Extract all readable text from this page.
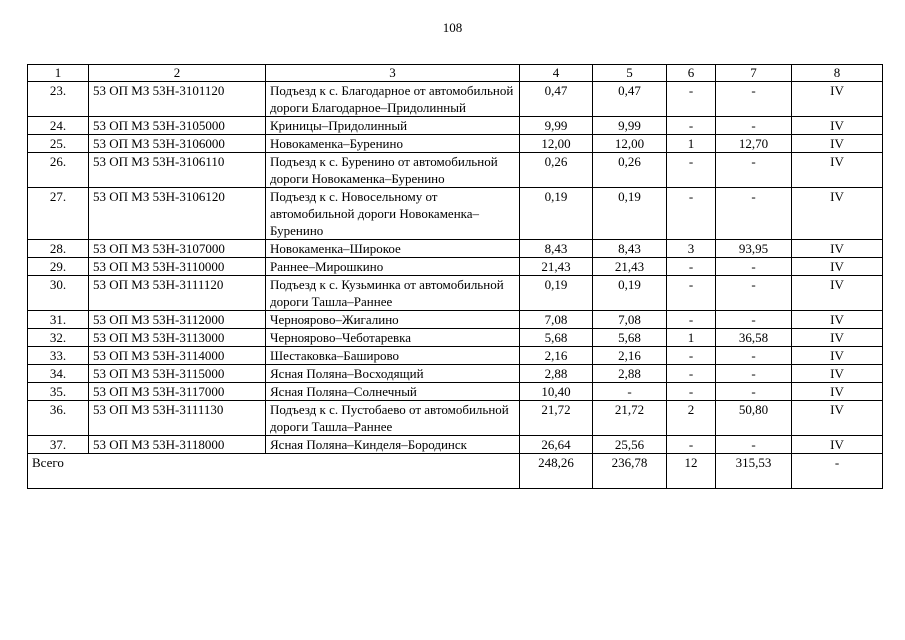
108
1	2	3	4	5	6	7	8
23.	53 ОП МЗ 53Н-3101120	Подъезд к с. Благодарное от автомобильной дороги Благодарное–Придолинный	0,47	0,47	-	-	IV
24.	53 ОП МЗ 53Н-3105000	Криницы–Придолинный	9,99	9,99	-	-	IV
25.	53 ОП МЗ 53Н-3106000	Новокаменка–Буренино	12,00	12,00	1	12,70	IV
26.	53 ОП МЗ 53Н-3106110	Подъезд к с. Буренино от автомобильной дороги Новокаменка–Буренино	0,26	0,26	-	-	IV
27.	53 ОП МЗ 53Н-3106120	Подъезд к с. Новосельному от автомобильной дороги Новокаменка–Буренино	0,19	0,19	-	-	IV
28.	53 ОП МЗ 53Н-3107000	Новокаменка–Широкое	8,43	8,43	3	93,95	IV
29.	53 ОП МЗ 53Н-3110000	Раннее–Мирошкино	21,43	21,43	-	-	IV
30.	53 ОП МЗ 53Н-3111120	Подъезд к с. Кузьминка от автомобильной дороги Ташла–Раннее	0,19	0,19	-	-	IV
31.	53 ОП МЗ 53Н-3112000	Черноярово–Жигалино	7,08	7,08	-	-	IV
32.	53 ОП МЗ 53Н-3113000	Черноярово–Чеботаревка	5,68	5,68	1	36,58	IV
33.	53 ОП МЗ 53Н-3114000	Шестаковка–Баширово	2,16	2,16	-	-	IV
34.	53 ОП МЗ 53Н-3115000	Ясная Поляна–Восходящий	2,88	2,88	-	-	IV
35.	53 ОП МЗ 53Н-3117000	Ясная Поляна–Солнечный	10,40	-	-	-	IV
36.	53 ОП МЗ 53Н-3111130	Подъезд к с. Пустобаево от автомобильной дороги Ташла–Раннее	21,72	21,72	2	50,80	IV
37.	53 ОП МЗ 53Н-3118000	Ясная Поляна–Кинделя–Бородинск	26,64	25,56	-	-	IV
Всего			248,26	236,78	12	315,53	-
